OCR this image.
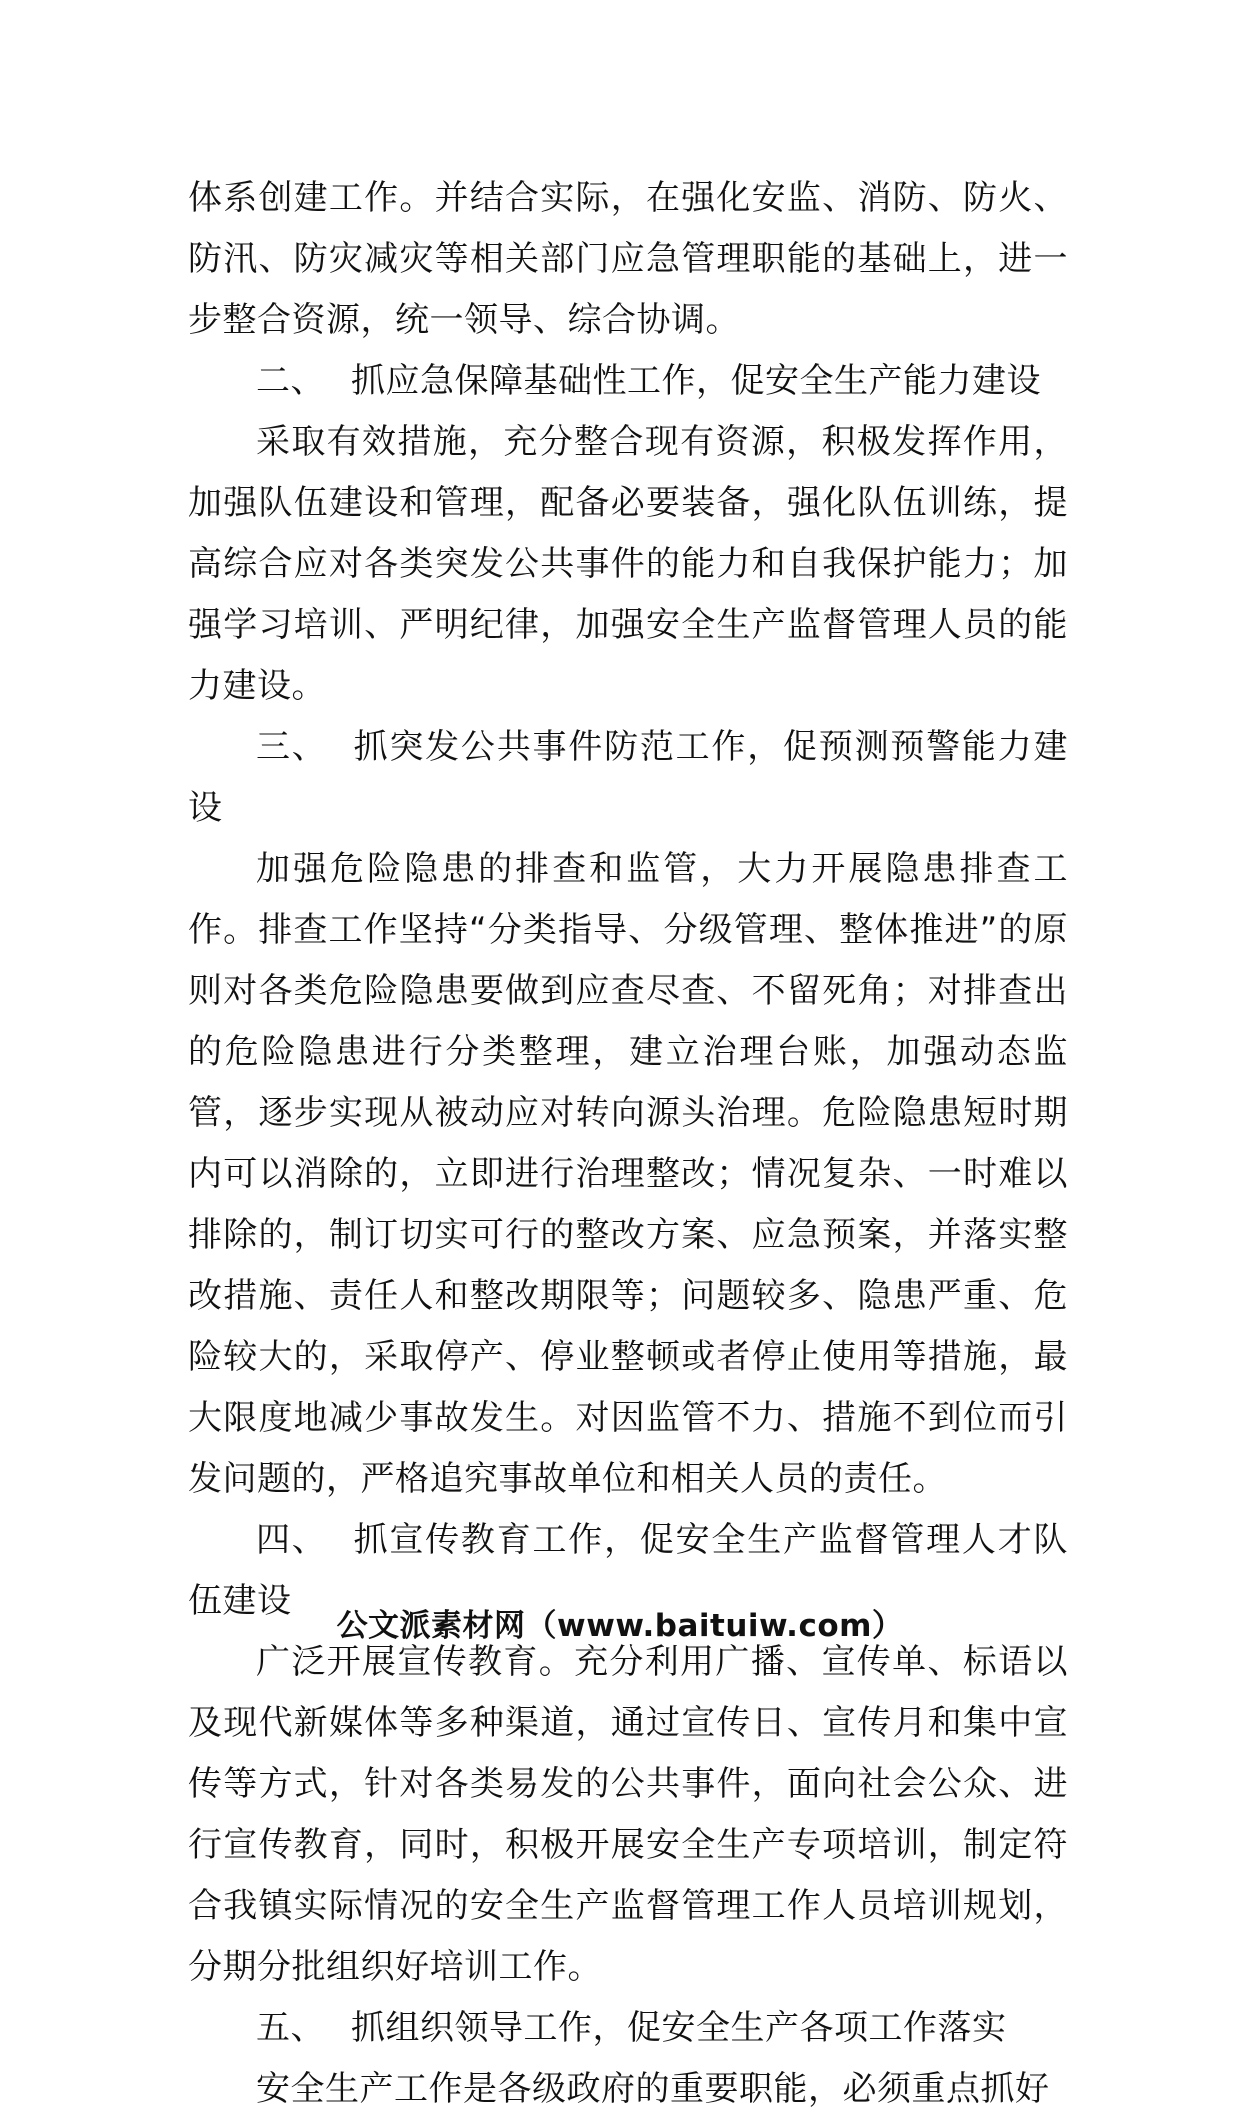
体系创建工作。并结合实际，在强化安监、消防、防火、防汛、防灾减灾等相关部门应急管理职能的基础上，进一步整合资源，统一领导、综合协调。

二、 抓应急保障基础性工作，促安全生产能力建设

采取有效措施，充分整合现有资源，积极发挥作用，加强队伍建设和管理，配备必要装备，强化队伍训练，提高综合应对各类突发公共事件的能力和自我保护能力；加强学习培训、严明纪律，加强安全生产监督管理人员的能力建设。

三、 抓突发公共事件防范工作，促预测预警能力建设

加强危险隐患的排查和监管，大力开展隐患排查工作。排查工作坚持“分类指导、分级管理、整体推进”的原则对各类危险隐患要做到应查尽查、不留死角；对排查出的危险隐患进行分类整理，建立治理台账，加强动态监管，逐步实现从被动应对转向源头治理。危险隐患短时期内可以消除的，立即进行治理整改；情况复杂、一时难以排除的，制订切实可行的整改方案、应急预案，并落实整改措施、责任人和整改期限等；问题较多、隐患严重、危险较大的，采取停产、停业整顿或者停止使用等措施，最大限度地减少事故发生。对因监管不力、措施不到位而引发问题的，严格追究事故单位和相关人员的责任。

四、 抓宣传教育工作，促安全生产监督管理人才队伍建设

广泛开展宣传教育。充分利用广播、宣传单、标语以及现代新媒体等多种渠道，通过宣传日、宣传月和集中宣传等方式，针对各类易发的公共事件，面向社会公众、进行宣传教育，同时，积极开展安全生产专项培训，制定符合我镇实际情况的安全生产监督管理工作人员培训规划，分期分批组织好培训工作。

五、 抓组织领导工作，促安全生产各项工作落实

安全生产工作是各级政府的重要职能，必须重点抓好

公文派素材网（www.baituiw.com）
